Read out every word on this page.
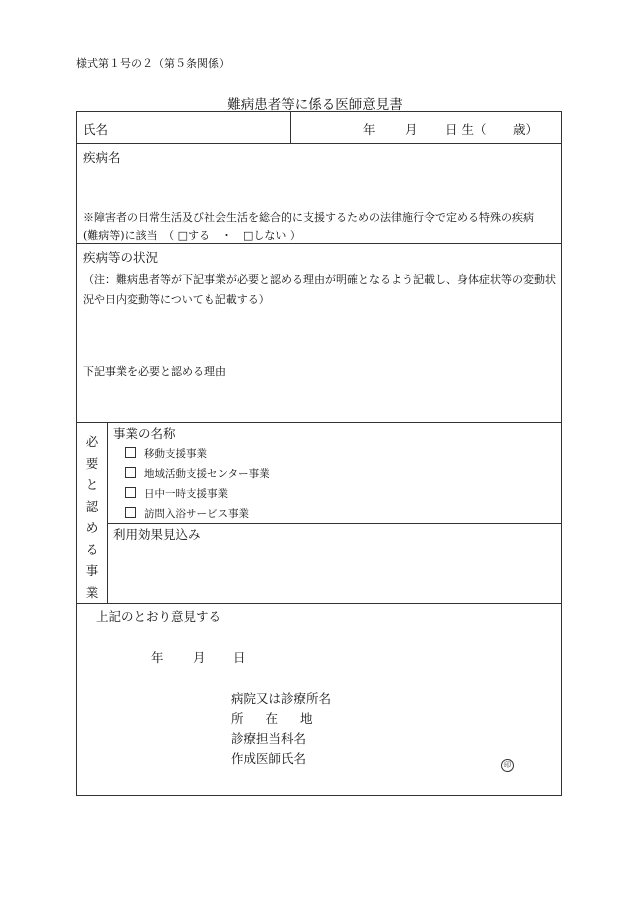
様式第１号の２（第５条関係）
難病患者等に係る医師意見書
氏名	年 月 日 生（ 歳）
疾病名
※障害者の日常生活及び社会生活を総合的に支援するための法律施行令で定める特殊の疾病
(難病等)に該当　（ □する　・　□しない ）
疾病等の状況
（注：難病患者等が下記事業が必要と認める理由が明確となるよう記載し、身体症状等の変動状
況や日内変動等についても記載する）
下記事業を必要と認める理由
必
要
と
認
め
る
事
業
事業の名称
移動支援事業
地域活動支援センター事業
日中一時支援事業
訪問入浴サービス事業
利用効果見込み
上記のとおり意見する
年 月 日
病院又は診療所名
所 在 地
診療担当科名
作成医師氏名	印
